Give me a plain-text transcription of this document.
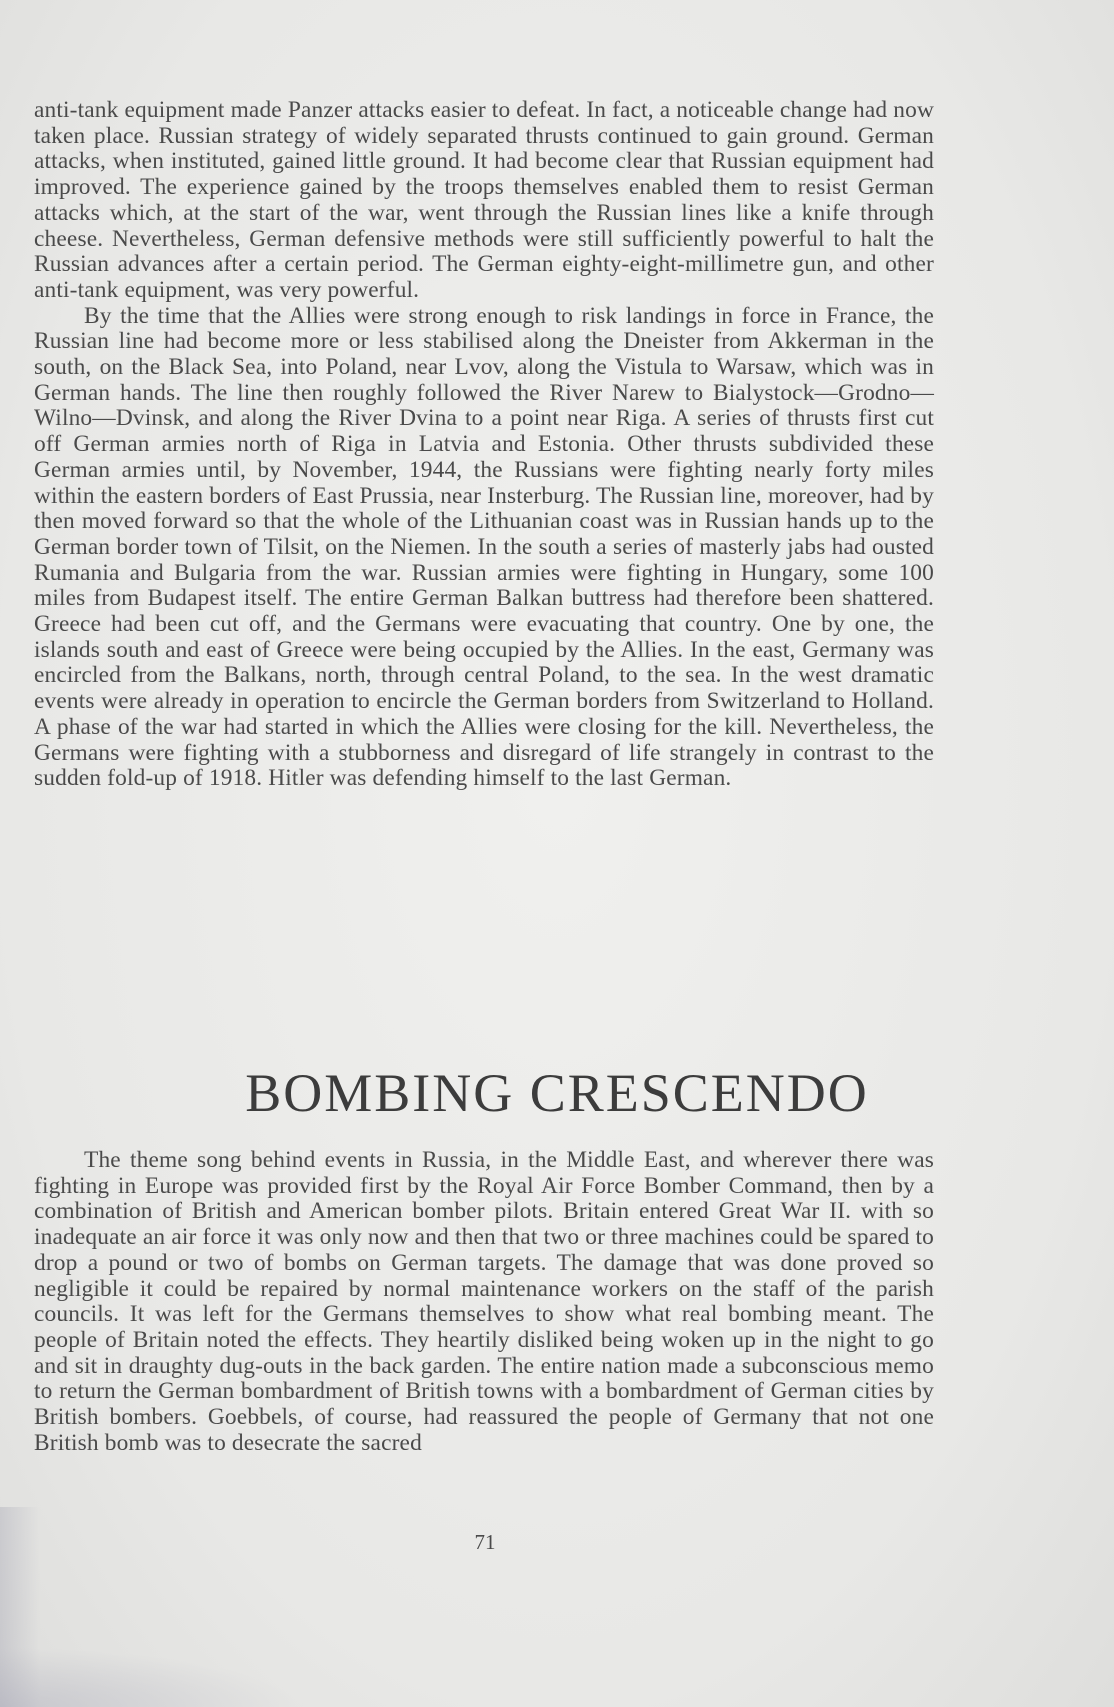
anti-tank equipment made Panzer attacks easier to defeat. In fact, a noticeable change had now taken place. Russian strategy of widely separated thrusts continued to gain ground. German attacks, when instituted, gained little ground. It had become clear that Russian equipment had improved. The experience gained by the troops themselves enabled them to resist German attacks which, at the start of the war, went through the Russian lines like a knife through cheese. Nevertheless, German defensive methods were still sufficiently powerful to halt the Russian advances after a certain period. The German eighty-eight-millimetre gun, and other anti-tank equipment, was very powerful.

By the time that the Allies were strong enough to risk landings in force in France, the Russian line had become more or less stabilised along the Dneister from Akkerman in the south, on the Black Sea, into Poland, near Lvov, along the Vistula to Warsaw, which was in German hands. The line then roughly followed the River Narew to Bialystock—Grodno—Wilno—Dvinsk, and along the River Dvina to a point near Riga. A series of thrusts first cut off German armies north of Riga in Latvia and Estonia. Other thrusts subdivided these German armies until, by November, 1944, the Russians were fighting nearly forty miles within the eastern borders of East Prussia, near Insterburg. The Russian line, moreover, had by then moved forward so that the whole of the Lithuanian coast was in Russian hands up to the German border town of Tilsit, on the Niemen. In the south a series of masterly jabs had ousted Rumania and Bulgaria from the war. Russian armies were fighting in Hungary, some 100 miles from Budapest itself. The entire German Balkan buttress had therefore been shattered. Greece had been cut off, and the Germans were evacuating that country. One by one, the islands south and east of Greece were being occupied by the Allies. In the east, Germany was encircled from the Balkans, north, through central Poland, to the sea. In the west dramatic events were already in operation to encircle the German borders from Switzerland to Holland. A phase of the war had started in which the Allies were closing for the kill. Nevertheless, the Germans were fighting with a stubborness and disregard of life strangely in contrast to the sudden fold-up of 1918. Hitler was defending himself to the last German.

BOMBING CRESCENDO

The theme song behind events in Russia, in the Middle East, and wherever there was fighting in Europe was provided first by the Royal Air Force Bomber Command, then by a combination of British and American bomber pilots. Britain entered Great War II. with so inadequate an air force it was only now and then that two or three machines could be spared to drop a pound or two of bombs on German targets. The damage that was done proved so negligible it could be repaired by normal maintenance workers on the staff of the parish councils. It was left for the Germans themselves to show what real bombing meant. The people of Britain noted the effects. They heartily disliked being woken up in the night to go and sit in draughty dug-outs in the back garden. The entire nation made a subconscious memo to return the German bombardment of British towns with a bombardment of German cities by British bombers. Goebbels, of course, had reassured the people of Germany that not one British bomb was to desecrate the sacred

71
